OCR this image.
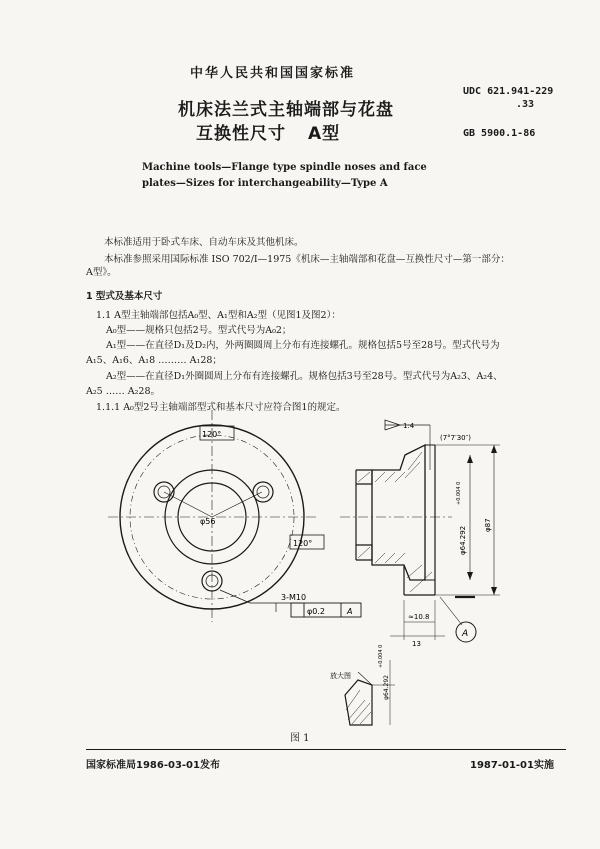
中华人民共和国国家标准
机床法兰式主轴端部与花盘
互换性尺寸 A型
UDC 621.941-229
.33
GB 5900.1-86
Machine tools—Flange type spindle noses and face
plates—Sizes for interchangeability—Type A
本标准适用于卧式车床、自动车床及其他机床。
本标准参照采用国际标准 ISO 702/Ⅰ—1975《机床—主轴端部和花盘—互换性尺寸—第一部分：
A型》。
1 型式及基本尺寸
1.1 A型主轴端部包括A₀型、A₁型和A₂型（见图1及图2）：
A₀型——规格只包括2号。型式代号为A₀2；
A₁型——在直径D₁及D₂内，外两圈圆周上分布有连接螺孔。规格包括5号至28号。型式代号为
A₁5、A₁6、A₁8 ……… A₁28；
A₂型——在直径D₁外圈圆周上分布有连接螺孔。规格包括3号至28号。型式代号为A₂3、A₂4、
A₂5 …… A₂28。
1.1.1 A₀型2号主轴端部型式和基本尺寸应符合图1的规定。
120°
120°
φ56
3-M10
φ0.2	A
1:4
(7°7′30″)
φ64.292
+0.004 0
φ87
≈10.8
13
A
放大图	φ64.292
+0.004 0
图 1
国家标准局1986-03-01发布	1987-01-01实施
